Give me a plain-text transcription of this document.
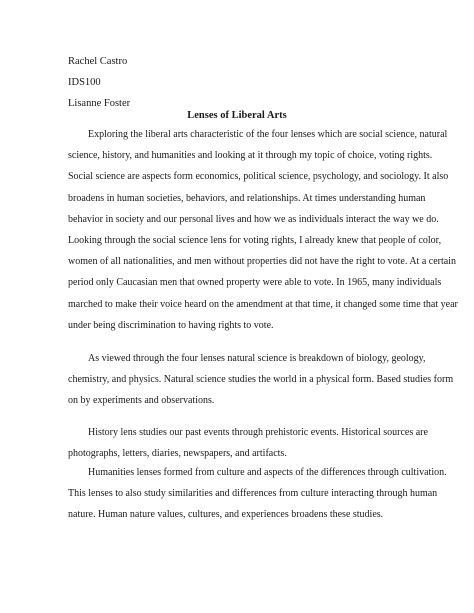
Rachel Castro
IDS100
Lisanne Foster
Lenses of Liberal Arts
Exploring the liberal arts characteristic of the four lenses which are social science, natural
science, history, and humanities and looking at it through my topic of choice, voting rights.
Social science are aspects form economics, political science, psychology, and sociology. It also
broadens in human societies, behaviors, and relationships. At times understanding human
behavior in society and our personal lives and how we as individuals interact the way we do.
Looking through the social science lens for voting rights, I already knew that people of color,
women of all nationalities, and men without properties did not have the right to vote. At a certain
period only Caucasian men that owned property were able to vote. In 1965, many individuals
marched to make their voice heard on the amendment at that time, it changed some time that year
under being discrimination to having rights to vote.
As viewed through the four lenses natural science is breakdown of biology, geology,
chemistry, and physics. Natural science studies the world in a physical form. Based studies form
on by experiments and observations.
History lens studies our past events through prehistoric events. Historical sources are
photographs, letters, diaries, newspapers, and artifacts.
Humanities lenses formed from culture and aspects of the differences through cultivation.
This lenses to also study similarities and differences from culture interacting through human
nature. Human nature values, cultures, and experiences broadens these studies.
